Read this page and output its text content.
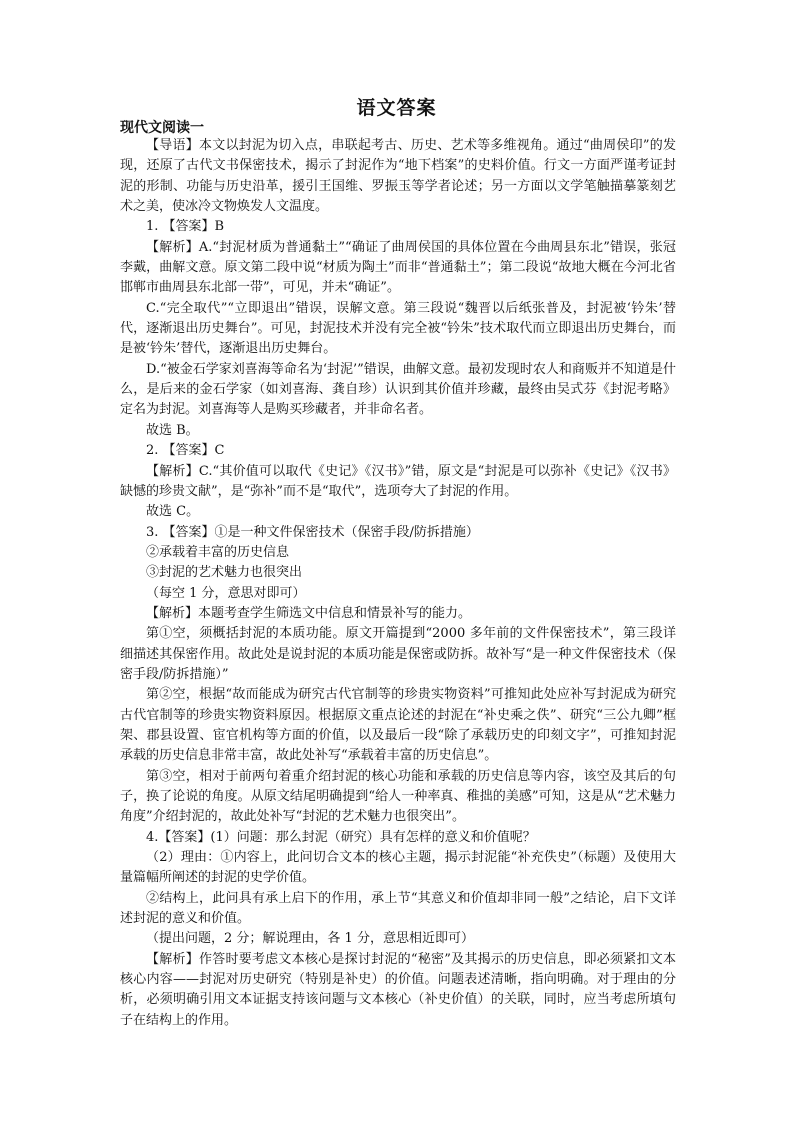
语文答案
现代文阅读一

【导语】本文以封泥为切入点，串联起考古、历史、艺术等多维视角。通过“曲周侯印”的发现，还原了古代文书保密技术，揭示了封泥作为“地下档案”的史料价值。行文一方面严谨考证封泥的形制、功能与历史沿革，援引王国维、罗振玉等学者论述；另一方面以文学笔触描摹篆刻艺术之美，使冰冷文物焕发人文温度。

1. 【答案】B

【解析】A.“封泥材质为普通黏土”“确证了曲周侯国的具体位置在今曲周县东北”错误，张冠李戴，曲解文意。原文第二段中说“材质为陶土”而非“普通黏土”；第二段说“故地大概在今河北省邯郸市曲周县东北部一带”，可见，并未“确证”。

C.“完全取代”“立即退出”错误，误解文意。第三段说“魏晋以后纸张普及，封泥被‘钤朱’替代，逐渐退出历史舞台”。可见，封泥技术并没有完全被“钤朱”技术取代而立即退出历史舞台，而是被‘钤朱’替代，逐渐退出历史舞台。

D.“被金石学家刘喜海等命名为‘封泥’”错误，曲解文意。最初发现时农人和商贩并不知道是什么，是后来的金石学家（如刘喜海、龚自珍）认识到其价值并珍藏，最终由吴式芬《封泥考略》定名为封泥。刘喜海等人是购买珍藏者，并非命名者。

故选 B。

2. 【答案】C

【解析】C.“其价值可以取代《史记》《汉书》”错，原文是“封泥是可以弥补《史记》《汉书》缺憾的珍贵文献”，是“弥补”而不是“取代”，选项夸大了封泥的作用。

故选 C。

3. 【答案】①是一种文件保密技术（保密手段/防拆措施）

②承载着丰富的历史信息

③封泥的艺术魅力也很突出

（每空 1 分，意思对即可）

【解析】本题考查学生筛选文中信息和情景补写的能力。

第①空，须概括封泥的本质功能。原文开篇提到“2000 多年前的文件保密技术”，第三段详细描述其保密作用。故此处是说封泥的本质功能是保密或防拆。故补写“是一种文件保密技术（保密手段/防拆措施）”

第②空，根据“故而能成为研究古代官制等的珍贵实物资料”可推知此处应补写封泥成为研究古代官制等的珍贵实物资料原因。根据原文重点论述的封泥在“补史乘之佚”、研究“三公九卿”框架、郡县设置、宦官机构等方面的价值，以及最后一段“除了承载历史的印刻文字”，可推知封泥承载的历史信息非常丰富，故此处补写“承载着丰富的历史信息”。

第③空，相对于前两句着重介绍封泥的核心功能和承载的历史信息等内容，该空及其后的句子，换了论说的角度。从原文结尾明确提到“给人一种率真、稚拙的美感”可知，这是从“艺术魅力角度”介绍封泥的，故此处补写“封泥的艺术魅力也很突出”。

4.【答案】(1）问题：那么封泥（研究）具有怎样的意义和价值呢？

（2）理由：①内容上，此问切合文本的核心主题，揭示封泥能“补充佚史”（标题）及使用大量篇幅所阐述的封泥的史学价值。

②结构上，此问具有承上启下的作用，承上节“其意义和价值却非同一般”之结论，启下文详述封泥的意义和价值。

（提出问题，2 分；解说理由，各 1 分，意思相近即可）

【解析】作答时要考虑文本核心是探讨封泥的“秘密”及其揭示的历史信息，即必须紧扣文本核心内容——封泥对历史研究（特别是补史）的价值。问题表述清晰，指向明确。对于理由的分析，必须明确引用文本证据支持该问题与文本核心（补史价值）的关联，同时，应当考虑所填句子在结构上的作用。
